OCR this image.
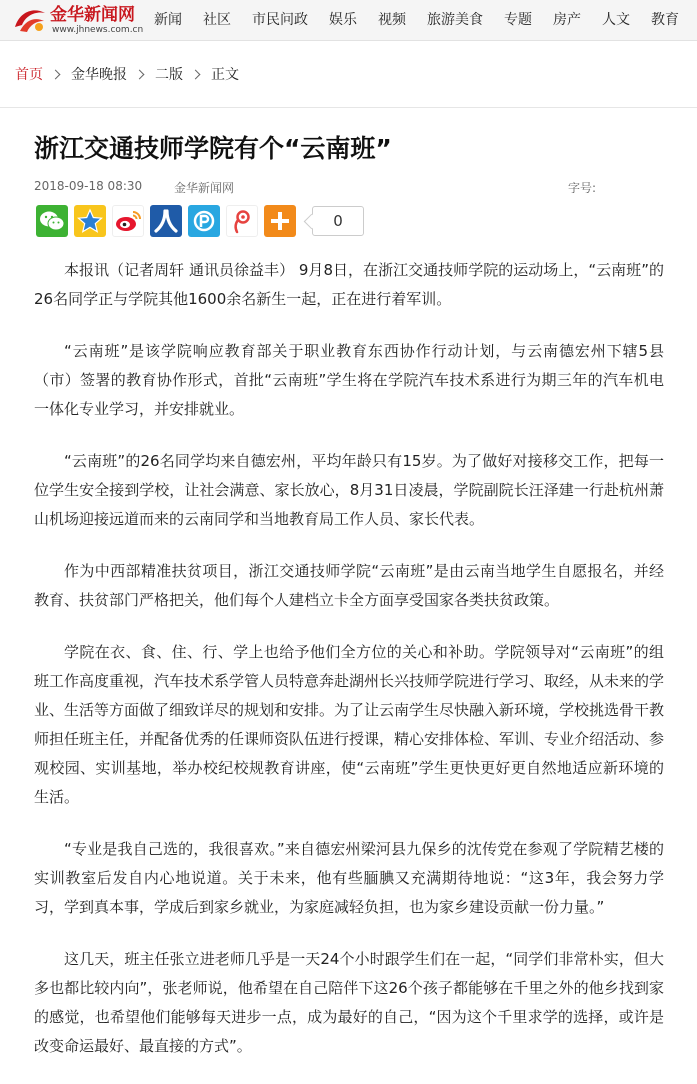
金华新闻网
www.jhnews.com.cn
新闻 社区 市民问政 娱乐 视频 旅游美食 专题 房产 人文 教育
首页 金华晚报 二版 正文
浙江交通技师学院有个“云南班”
2018-09-18 08:30	金华新闻网	字号:
0

本报讯（记者周轩 通讯员徐益丰） 9月8日，在浙江交通技师学院的运动场上，“云南班”的26名同学正与学院其他1600余名新生一起，正在进行着军训。

“云南班”是该学院响应教育部关于职业教育东西协作行动计划，与云南德宏州下辖5县（市）签署的教育协作形式，首批“云南班”学生将在学院汽车技术系进行为期三年的汽车机电一体化专业学习，并安排就业。

“云南班”的26名同学均来自德宏州，平均年龄只有15岁。为了做好对接移交工作，把每一位学生安全接到学校，让社会满意、家长放心，8月31日凌晨，学院副院长汪泽建一行赴杭州萧山机场迎接远道而来的云南同学和当地教育局工作人员、家长代表。

作为中西部精准扶贫项目，浙江交通技师学院“云南班”是由云南当地学生自愿报名，并经教育、扶贫部门严格把关，他们每个人建档立卡全方面享受国家各类扶贫政策。

学院在衣、食、住、行、学上也给予他们全方位的关心和补助。学院领导对“云南班”的组班工作高度重视，汽车技术系学管人员特意奔赴湖州长兴技师学院进行学习、取经，从未来的学业、生活等方面做了细致详尽的规划和安排。为了让云南学生尽快融入新环境，学校挑选骨干教师担任班主任，并配备优秀的任课师资队伍进行授课，精心安排体检、军训、专业介绍活动、参观校园、实训基地，举办校纪校规教育讲座，使“云南班”学生更快更好更自然地适应新环境的生活。

“专业是我自己选的，我很喜欢。”来自德宏州梁河县九保乡的沈传党在参观了学院精艺楼的实训教室后发自内心地说道。关于未来，他有些腼腆又充满期待地说：“这3年，我会努力学习，学到真本事，学成后到家乡就业，为家庭减轻负担，也为家乡建设贡献一份力量。”

这几天，班主任张立进老师几乎是一天24个小时跟学生们在一起，“同学们非常朴实，但大多也都比较内向”，张老师说，他希望在自己陪伴下这26个孩子都能够在千里之外的他乡找到家的感觉，也希望他们能够每天进步一点，成为最好的自己，“因为这个千里求学的选择，或许是改变命运最好、最直接的方式”。
